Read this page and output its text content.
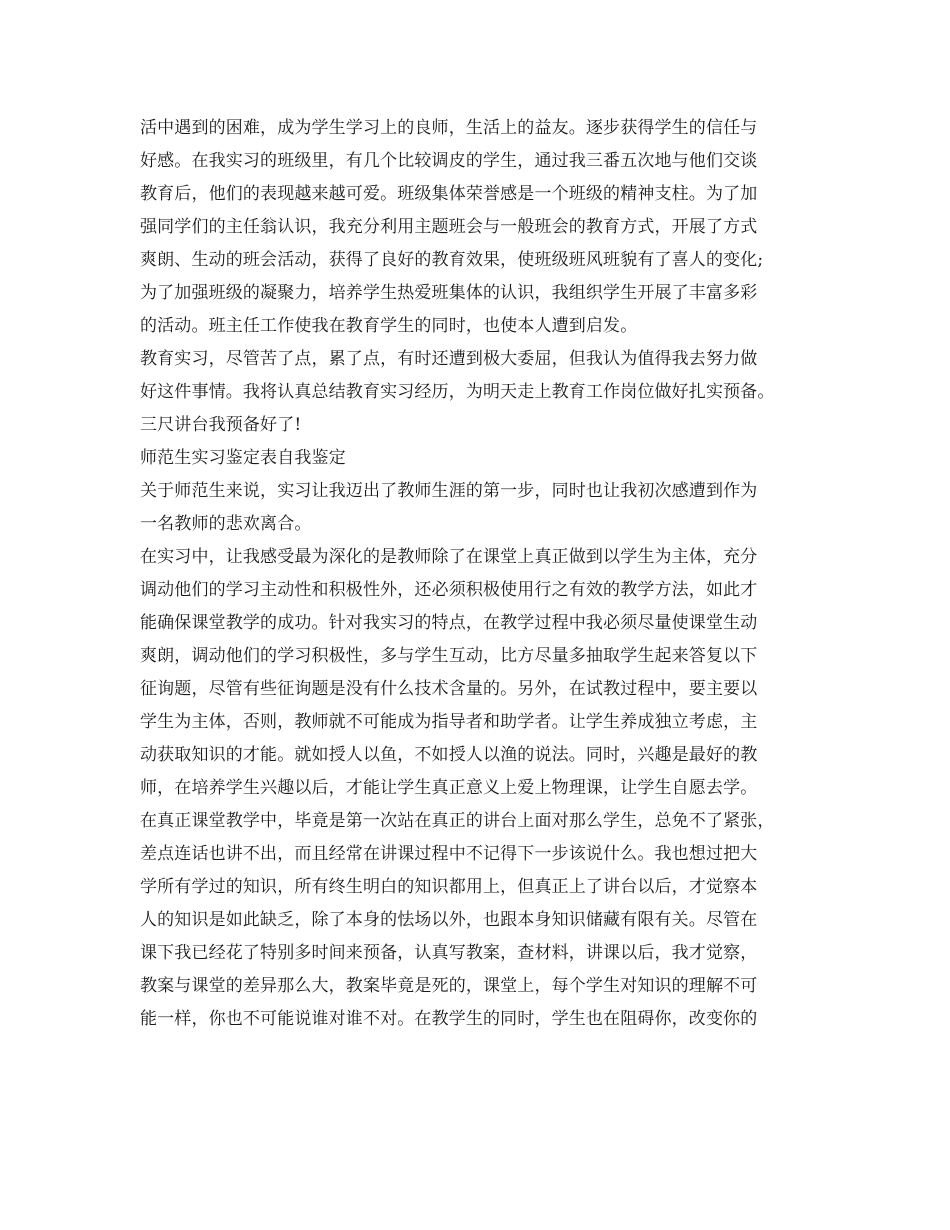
活中遇到的困难，成为学生学习上的良师，生活上的益友。逐步获得学生的信任与
好感。在我实习的班级里，有几个比较调皮的学生，通过我三番五次地与他们交谈
教育后，他们的表现越来越可爱。班级集体荣誉感是一个班级的精神支柱。为了加
强同学们的主任翁认识，我充分利用主题班会与一般班会的教育方式，开展了方式
爽朗、生动的班会活动，获得了良好的教育效果，使班级班风班貌有了喜人的变化;
为了加强班级的凝聚力，培养学生热爱班集体的认识，我组织学生开展了丰富多彩
的活动。班主任工作使我在教育学生的同时，也使本人遭到启发。
教育实习，尽管苦了点，累了点，有时还遭到极大委屈，但我认为值得我去努力做
好这件事情。我将认真总结教育实习经历，为明天走上教育工作岗位做好扎实预备。
三尺讲台我预备好了!
师范生实习鉴定表自我鉴定
关于师范生来说，实习让我迈出了教师生涯的第一步，同时也让我初次感遭到作为
一名教师的悲欢离合。
在实习中，让我感受最为深化的是教师除了在课堂上真正做到以学生为主体，充分
调动他们的学习主动性和积极性外，还必须积极使用行之有效的教学方法，如此才
能确保课堂教学的成功。针对我实习的特点，在教学过程中我必须尽量使课堂生动
爽朗，调动他们的学习积极性，多与学生互动，比方尽量多抽取学生起来答复以下
征询题，尽管有些征询题是没有什么技术含量的。另外，在试教过程中，要主要以
学生为主体，否则，教师就不可能成为指导者和助学者。让学生养成独立考虑，主
动获取知识的才能。就如授人以鱼，不如授人以渔的说法。同时，兴趣是最好的教
师，在培养学生兴趣以后，才能让学生真正意义上爱上物理课，让学生自愿去学。
在真正课堂教学中，毕竟是第一次站在真正的讲台上面对那么学生，总免不了紧张，
差点连话也讲不出，而且经常在讲课过程中不记得下一步该说什么。我也想过把大
学所有学过的知识，所有终生明白的知识都用上，但真正上了讲台以后，才觉察本
人的知识是如此缺乏，除了本身的怯场以外，也跟本身知识储藏有限有关。尽管在
课下我已经花了特别多时间来预备，认真写教案，查材料，讲课以后，我才觉察，
教案与课堂的差异那么大，教案毕竟是死的，课堂上，每个学生对知识的理解不可
能一样，你也不可能说谁对谁不对。在教学生的同时，学生也在阻碍你，改变你的
